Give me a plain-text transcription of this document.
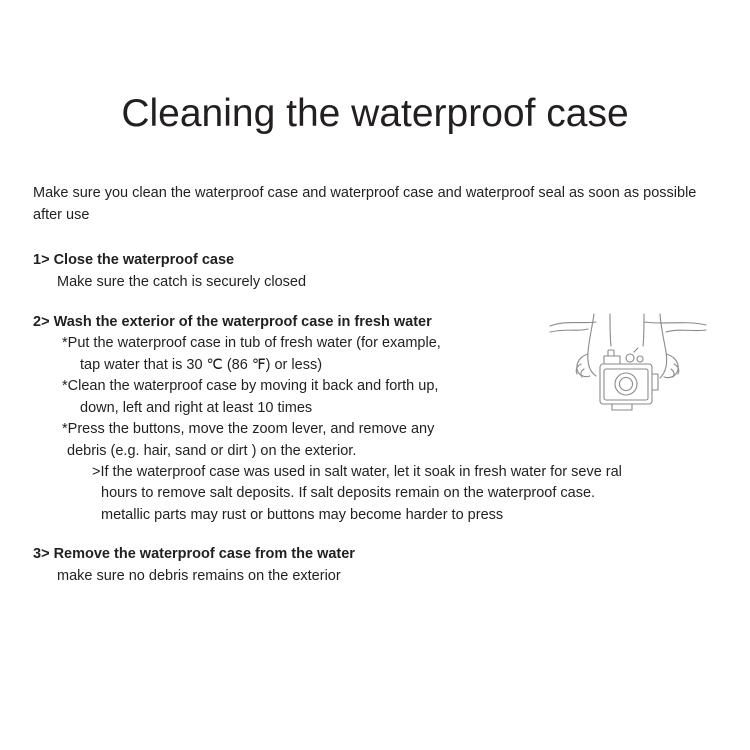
Cleaning the waterproof case
Make sure you clean the waterproof case and waterproof case and waterproof seal as soon as possible after use
1> Close the waterproof case
Make sure the catch is securely closed
2> Wash the exterior of the waterproof case in fresh water
*Put the waterproof case in tub of fresh water (for example,
tap water that is 30 ℃ (86 ℉) or less)
*Clean the waterproof case by moving it back and forth up,
down, left and right at least 10 times
*Press the buttons, move the zoom lever, and remove any
debris (e.g. hair, sand or dirt ) on the exterior.
>If the waterproof case was used in salt water, let it soak in fresh water for seve ral
hours to remove salt deposits. If salt deposits remain on the waterproof case.
metallic parts may rust or buttons may become harder to press
3> Remove the waterproof case from the water
make sure no debris remains on the exterior
